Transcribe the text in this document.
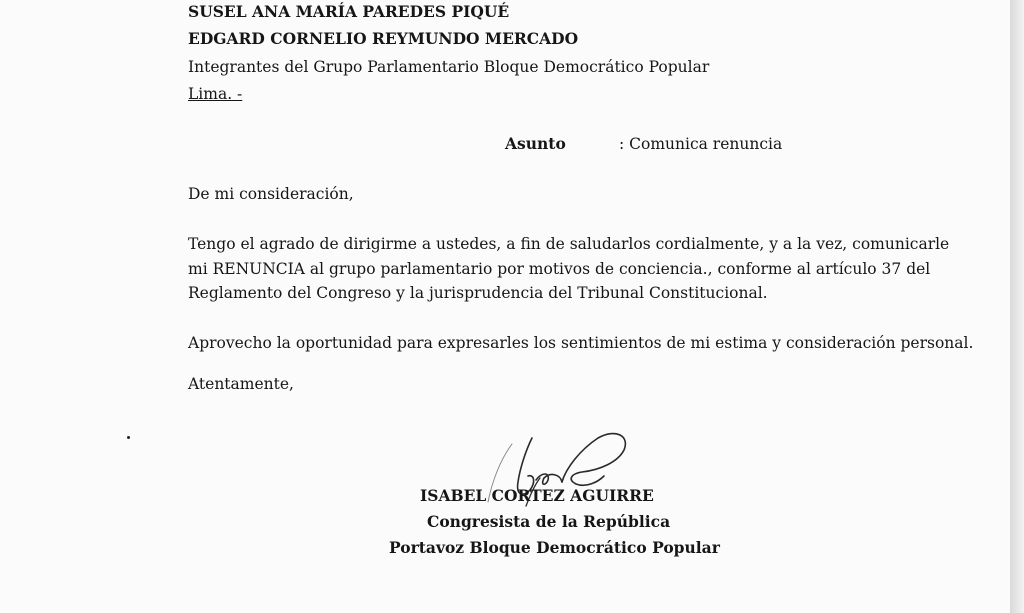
SUSEL ANA MARÍA PAREDES PIQUÉ
EDGARD CORNELIO REYMUNDO MERCADO
Integrantes del Grupo Parlamentario Bloque Democrático Popular
Lima. -
Asunto	: Comunica renuncia
De mi consideración,
Tengo el agrado de dirigirme a ustedes, a fin de saludarlos cordialmente, y a la vez, comunicarle
mi RENUNCIA al grupo parlamentario por motivos de conciencia., conforme al artículo 37 del
Reglamento del Congreso y la jurisprudencia del Tribunal Constitucional.
Aprovecho la oportunidad para expresarles los sentimientos de mi estima y consideración personal.
Atentamente,
ISABEL CORTEZ AGUIRRE
Congresista de la República
Portavoz Bloque Democrático Popular
